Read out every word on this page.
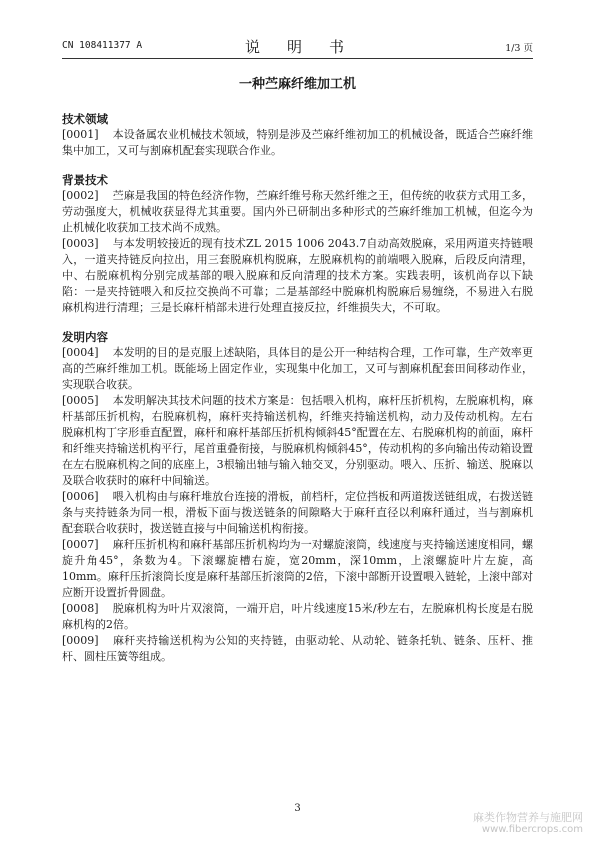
CN 108411377 A	说　明　书	1/3 页
一种苎麻纤维加工机
技术领域

[0001] 本设备属农业机械技术领域，特别是涉及苎麻纤维初加工的机械设备，既适合苎麻纤维集中加工，又可与割麻机配套实现联合作业。

背景技术

[0002] 苎麻是我国的特色经济作物，苎麻纤维号称天然纤维之王，但传统的收获方式用工多，劳动强度大，机械收获显得尤其重要。国内外已研制出多种形式的苎麻纤维加工机械，但迄今为止机械化收获加工技术尚不成熟。

[0003] 与本发明较接近的现有技术ZL 2015 1006 2043.7自动高效脱麻，采用两道夹持链喂入，一道夹持链反向拉出，用三套脱麻机构脱麻，左脱麻机构的前端喂入脱麻，后段反向清理，中、右脱麻机构分别完成基部的喂入脱麻和反向清理的技术方案。实践表明，该机尚存以下缺陷：一是夹持链喂入和反拉交换尚不可靠；二是基部经中脱麻机构脱麻后易缠绕，不易进入右脱麻机构进行清理；三是长麻杆梢部未进行处理直接反拉，纤维损失大，不可取。

发明内容

[0004] 本发明的目的是克服上述缺陷，具体目的是公开一种结构合理，工作可靠，生产效率更高的苎麻纤维加工机。既能场上固定作业，实现集中化加工，又可与割麻机配套田间移动作业，实现联合收获。

[0005] 本发明解决其技术问题的技术方案是：包括喂入机构，麻杆压折机构，左脱麻机构，麻杆基部压折机构，右脱麻机构，麻杆夹持输送机构，纤维夹持输送机构，动力及传动机构。左右脱麻机构丁字形垂直配置，麻杆和麻杆基部压折机构倾斜45°配置在左、右脱麻机构的前面，麻杆和纤维夹持输送机构平行，尾首重叠衔接，与脱麻机构倾斜45°，传动机构的多向输出传动箱设置在左右脱麻机构之间的底座上，3根输出轴与输入轴交叉，分别驱动。喂入、压折、输送、脱麻以及联合收获时的麻秆中间输送。

[0006] 喂入机构由与麻秆堆放台连接的滑板，前档杆，定位挡板和两道拨送链组成，右拨送链条与夹持链条为同一根，滑板下面与拨送链条的间隙略大于麻秆直径以利麻秆通过，当与割麻机配套联合收获时，拨送链直接与中间输送机构衔接。

[0007] 麻秆压折机构和麻秆基部压折机构均为一对螺旋滚筒，线速度与夹持输送速度相同，螺旋升角45°，条数为4。下滚螺旋槽右旋，宽20mm，深10mm，上滚螺旋叶片左旋，高10mm。麻秆压折滚筒长度是麻秆基部压折滚筒的2倍，下滚中部断开设置喂入链轮，上滚中部对应断开设置折骨圆盘。

[0008] 脱麻机构为叶片双滚筒，一端开启，叶片线速度15米/秒左右，左脱麻机构长度是右脱麻机构的2倍。

[0009] 麻秆夹持输送机构为公知的夹持链，由驱动轮、从动轮、链条托轨、链条、压杆、推杆、圆柱压簧等组成。

3
麻类作物营养与施肥网
www.fibercrops.com
